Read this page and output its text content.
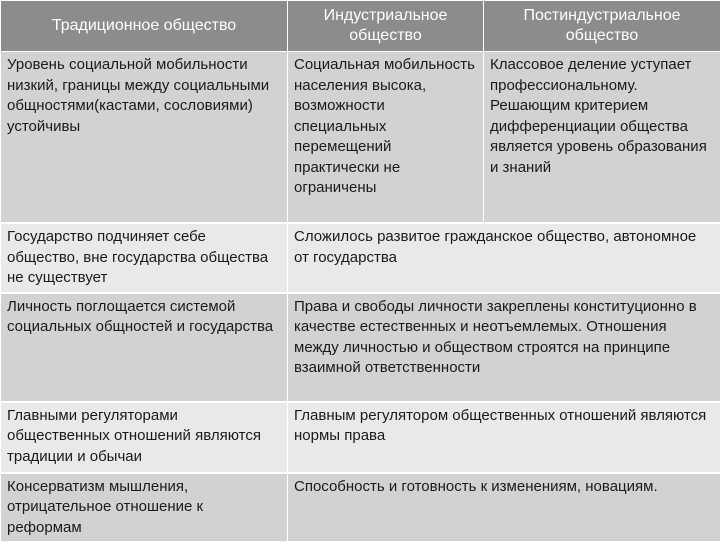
Традиционное общество	Индустриальное общество	Постиндустриальное общество
Уровень социальной мобильности низкий, границы между социальными общностями(кастами, сословиями) устойчивы	Социальная мобильность населения высока, возможности специальных перемещений практически не ограничены	Классовое деление уступает профессиональному. Решающим критерием дифференциации общества является уровень образования и знаний
Государство подчиняет себе общество, вне государства общества не существует	Сложилось развитое гражданское общество, автономное от государства	
Личность поглощается системой социальных общностей и государства	Права и свободы личности закреплены конституционно в качестве естественных и неотъемлемых. Отношения между личностью и обществом строятся на принципе взаимной ответственности	
Главными регуляторами общественных отношений являются традиции и обычаи	Главным регулятором общественных отношений являются нормы права	
Консерватизм мышления, отрицательное отношение к реформам	Способность и готовность к изменениям, новациям.	
